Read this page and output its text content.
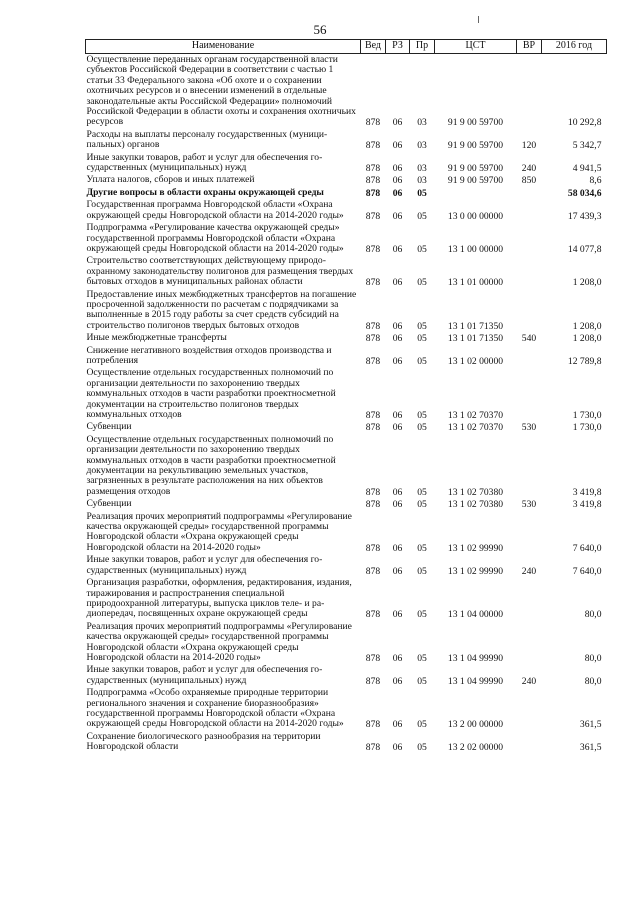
56
Наименование	Вед	РЗ	Пр	ЦСТ	ВР	2016 год
Осуществление переданных органам государственной власти субъектов Российской Федерации в соответствии с частью 1 статьи 33 Федерального закона «Об охоте и о сохранении охотничьих ресурсов и о внесении изменений в отдельные законодательные акты Российской Федерации» полномочий Российской Федерации в области охоты и сохранения охотничьих ресурсов	878	06	03	91 9 00 59700		10 292,8
Расходы на выплаты персоналу государственных (муниципальных) органов	878	06	03	91 9 00 59700	120	5 342,7
Иные закупки товаров, работ и услуг для обеспечения государственных (муниципальных) нужд	878	06	03	91 9 00 59700	240	4 941,5
Уплата налогов, сборов и иных платежей	878	06	03	91 9 00 59700	850	8,6
Другие вопросы в области охраны окружающей среды	878	06	05			58 034,6
Государственная программа Новгородской области «Охрана окружающей среды Новгородской области на 2014-2020 годы»	878	06	05	13 0 00 00000		17 439,3
Подпрограмма «Регулирование качества окружающей среды» государственной программы Новгородской области «Охрана окружающей среды Новгородской области на 2014-2020 годы»	878	06	05	13 1 00 00000		14 077,8
Строительство соответствующих действующему природоохранному законодательству полигонов для размещения твердых бытовых отходов в муниципальных районах области	878	06	05	13 1 01 00000		1 208,0
Предоставление иных межбюджетных трансфертов на погашение просроченной задолженности по расчетам с подрядчиками за выполненные в 2015 году работы за счет средств субсидий на строительство полигонов твердых бытовых отходов	878	06	05	13 1 01 71350		1 208,0
Иные межбюджетные трансферты	878	06	05	13 1 01 71350	540	1 208,0
Снижение негативного воздействия отходов производства и потребления	878	06	05	13 1 02 00000		12 789,8
Осуществление отдельных государственных полномочий по организации деятельности по захоронению твердых коммунальных отходов в части разработки проектносметной документации на строительство полигонов твердых коммунальных отходов	878	06	05	13 1 02 70370		1 730,0
Субвенции	878	06	05	13 1 02 70370	530	1 730,0
Осуществление отдельных государственных полномочий по организации деятельности по захоронению твердых коммунальных отходов в части разработки проектносметной документации на рекультивацию земельных участков, загрязненных в результате расположения на них объектов размещения отходов	878	06	05	13 1 02 70380		3 419,8
Субвенции	878	06	05	13 1 02 70380	530	3 419,8
Реализация прочих мероприятий подпрограммы «Регулирование качества окружающей среды» государственной программы Новгородской области «Охрана окружающей среды Новгородской области на 2014-2020 годы»	878	06	05	13 1 02 99990		7 640,0
Иные закупки товаров, работ и услуг для обеспечения государственных (муниципальных) нужд	878	06	05	13 1 02 99990	240	7 640,0
Организация разработки, оформления, редактирования, издания, тиражирования и распространения специальной природоохранной литературы, выпуска циклов теле- и радиопередач, посвященных охране окружающей среды	878	06	05	13 1 04 00000		80,0
Реализация прочих мероприятий подпрограммы «Регулирование качества окружающей среды» государственной программы Новгородской области «Охрана окружающей среды Новгородской области на 2014-2020 годы»	878	06	05	13 1 04 99990		80,0
Иные закупки товаров, работ и услуг для обеспечения государственных (муниципальных) нужд	878	06	05	13 1 04 99990	240	80,0
Подпрограмма «Особо охраняемые природные территории регионального значения и сохранение биоразнообразия» государственной программы Новгородской области «Охрана окружающей среды Новгородской области на 2014-2020 годы»	878	06	05	13 2 00 00000		361,5
Сохранение биологического разнообразия на территории Новгородской области	878	06	05	13 2 02 00000		361,5
